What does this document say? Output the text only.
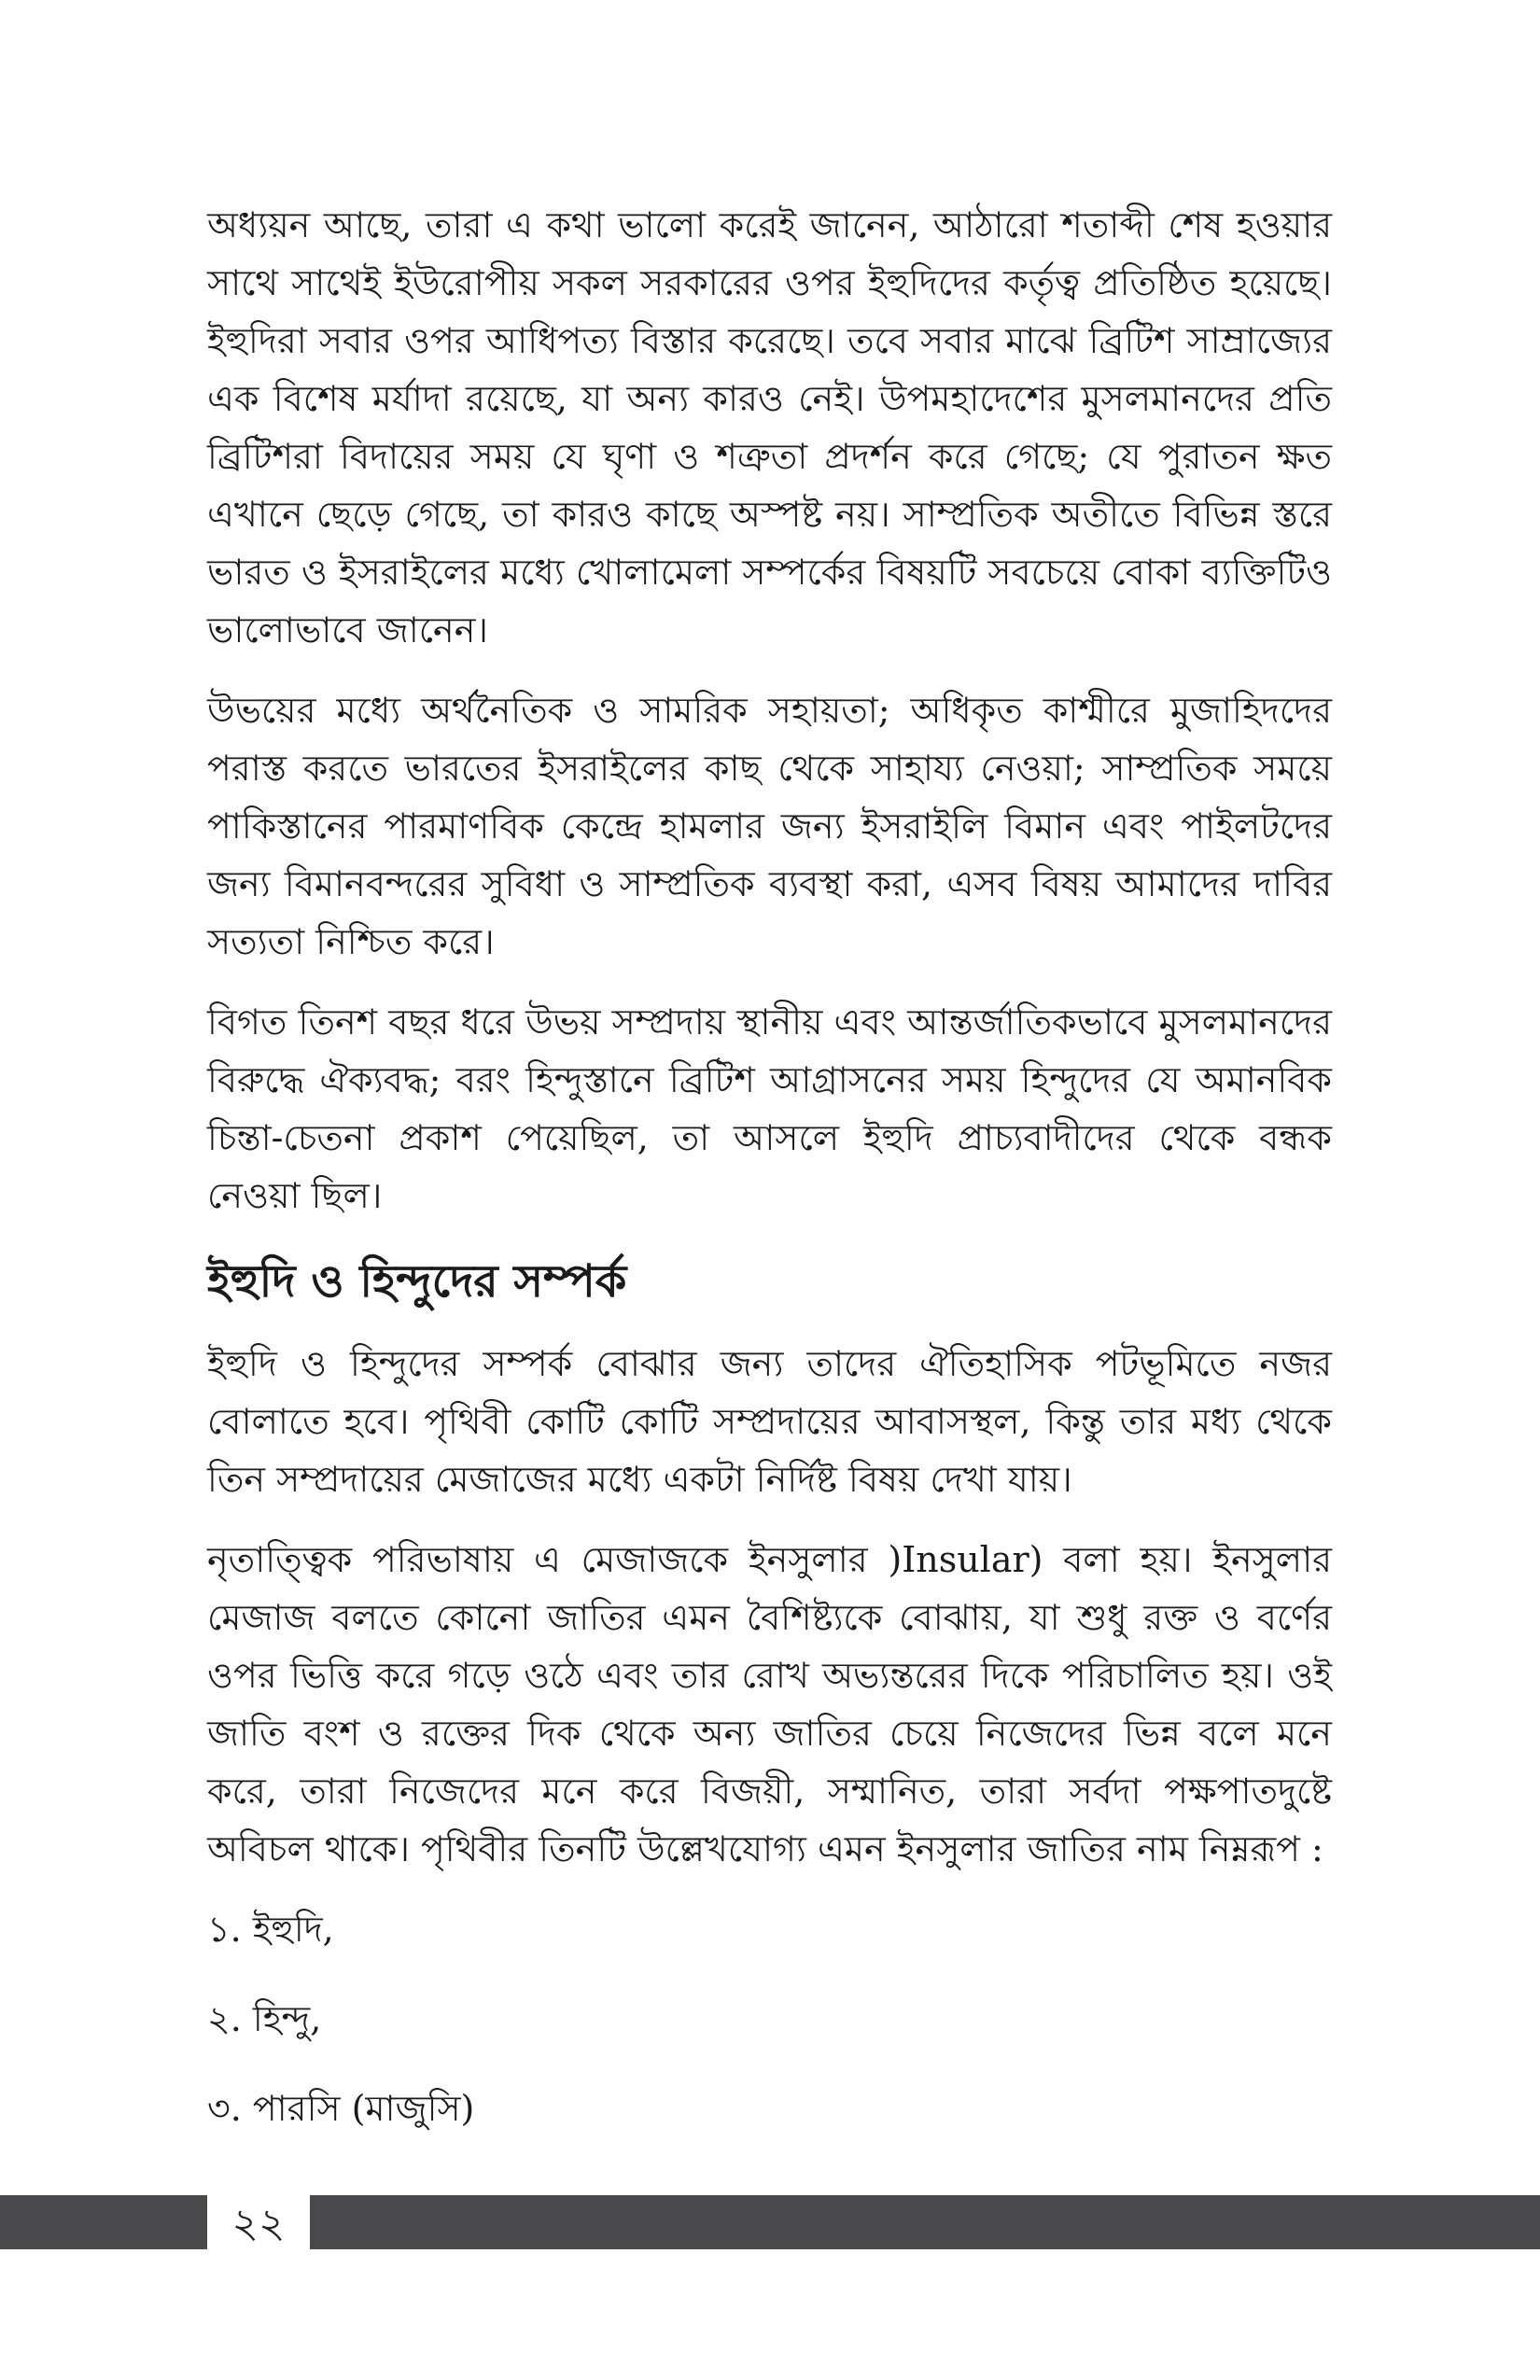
অধ্যয়ন আছে, তারা এ কথা ভালো করেই জানেন, আঠারো শতাব্দী শেষ হওয়ার সাথে সাথেই ইউরোপীয় সকল সরকারের ওপর ইহুদিদের কর্তৃত্ব প্রতিষ্ঠিত হয়েছে। ইহুদিরা সবার ওপর আধিপত্য বিস্তার করেছে। তবে সবার মাঝে ব্রিটিশ সাম্রাজ্যের এক বিশেষ মর্যাদা রয়েছে, যা অন্য কারও নেই। উপমহাদেশের মুসলমানদের প্রতি ব্রিটিশরা বিদায়ের সময় যে ঘৃণা ও শত্রুতা প্রদর্শন করে গেছে; যে পুরাতন ক্ষত এখানে ছেড়ে গেছে, তা কারও কাছে অস্পষ্ট নয়। সাম্প্রতিক অতীতে বিভিন্ন স্তরে ভারত ও ইসরাইলের মধ্যে খোলামেলা সম্পর্কের বিষয়টি সবচেয়ে বোকা ব্যক্তিটিও ভালোভাবে জানেন।

উভয়ের মধ্যে অর্থনৈতিক ও সামরিক সহায়তা; অধিকৃত কাশ্মীরে মুজাহিদদের পরাস্ত করতে ভারতের ইসরাইলের কাছ থেকে সাহায্য নেওয়া; সাম্প্রতিক সময়ে পাকিস্তানের পারমাণবিক কেন্দ্রে হামলার জন্য ইসরাইলি বিমান এবং পাইলটদের জন্য বিমানবন্দরের সুবিধা ও সাম্প্রতিক ব্যবস্থা করা, এসব বিষয় আমাদের দাবির সত্যতা নিশ্চিত করে।

বিগত তিনশ বছর ধরে উভয় সম্প্রদায় স্থানীয় এবং আন্তর্জাতিকভাবে মুসলমানদের বিরুদ্ধে ঐক্যবদ্ধ; বরং হিন্দুস্তানে ব্রিটিশ আগ্রাসনের সময় হিন্দুদের যে অমানবিক চিন্তা-চেতনা প্রকাশ পেয়েছিল, তা আসলে ইহুদি প্রাচ্যবাদীদের থেকে বন্ধক নেওয়া ছিল।

ইহুদি ও হিন্দুদের সম্পর্ক

ইহুদি ও হিন্দুদের সম্পর্ক বোঝার জন্য তাদের ঐতিহাসিক পটভূমিতে নজর বোলাতে হবে। পৃথিবী কোটি কোটি সম্প্রদায়ের আবাসস্থল, কিন্তু তার মধ্য থেকে তিন সম্প্রদায়ের মেজাজের মধ্যে একটা নির্দিষ্ট বিষয় দেখা যায়।

নৃতাত্ত্বিক পরিভাষায় এ মেজাজকে ইনসুলার )Insular) বলা হয়। ইনসুলার মেজাজ বলতে কোনো জাতির এমন বৈশিষ্ট্যকে বোঝায়, যা শুধু রক্ত ও বর্ণের ওপর ভিত্তি করে গড়ে ওঠে এবং তার রোখ অভ্যন্তরের দিকে পরিচালিত হয়। ওই জাতি বংশ ও রক্তের দিক থেকে অন্য জাতির চেয়ে নিজেদের ভিন্ন বলে মনে করে, তারা নিজেদের মনে করে বিজয়ী, সম্মানিত, তারা সর্বদা পক্ষপাতদুষ্টে অবিচল থাকে। পৃথিবীর তিনটি উল্লেখযোগ্য এমন ইনসুলার জাতির নাম নিম্নরূপ :

১. ইহুদি,
২. হিন্দু,
৩. পারসি (মাজুসি)
২২
